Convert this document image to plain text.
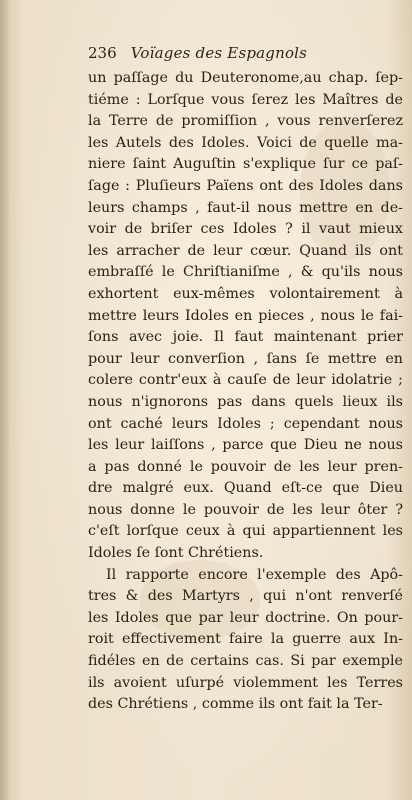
236 Voïages des Espagnols
un paſſage du Deuteronome,au chap. ſep-
tiéme : Lorſque vous ſerez les Maîtres de
la Terre de promiſſion , vous renverſerez
les Autels des Idoles. Voici de quelle ma-
niere ſaint Auguſtin s'explique ſur ce paſ-
ſage : Pluſieurs Païens ont des Idoles dans
leurs champs , faut-il nous mettre en de-
voir de briſer ces Idoles ? il vaut mieux
les arracher de leur cœur. Quand ils ont
embraſſé le Chriſtianiſme , & qu'ils nous
exhortent eux-mêmes volontairement à
mettre leurs Idoles en pieces , nous le fai-
ſons avec joie. Il faut maintenant prier
pour leur converſion , ſans ſe mettre en
colere contr'eux à cauſe de leur idolatrie ;
nous n'ignorons pas dans quels lieux ils
ont caché leurs Idoles ; cependant nous
les leur laiſſons , parce que Dieu ne nous
a pas donné le pouvoir de les leur pren-
dre malgré eux. Quand eſt-ce que Dieu
nous donne le pouvoir de les leur ôter ?
c'eſt lorſque ceux à qui appartiennent les
Idoles ſe ſont Chrétiens.
Il rapporte encore l'exemple des Apô-
tres & des Martyrs , qui n'ont renverſé
les Idoles que par leur doctrine. On pour-
roit effectivement faire la guerre aux In-
fidéles en de certains cas. Si par exemple
ils avoient uſurpé violemment les Terres
des Chrétiens , comme ils ont fait la Ter-
